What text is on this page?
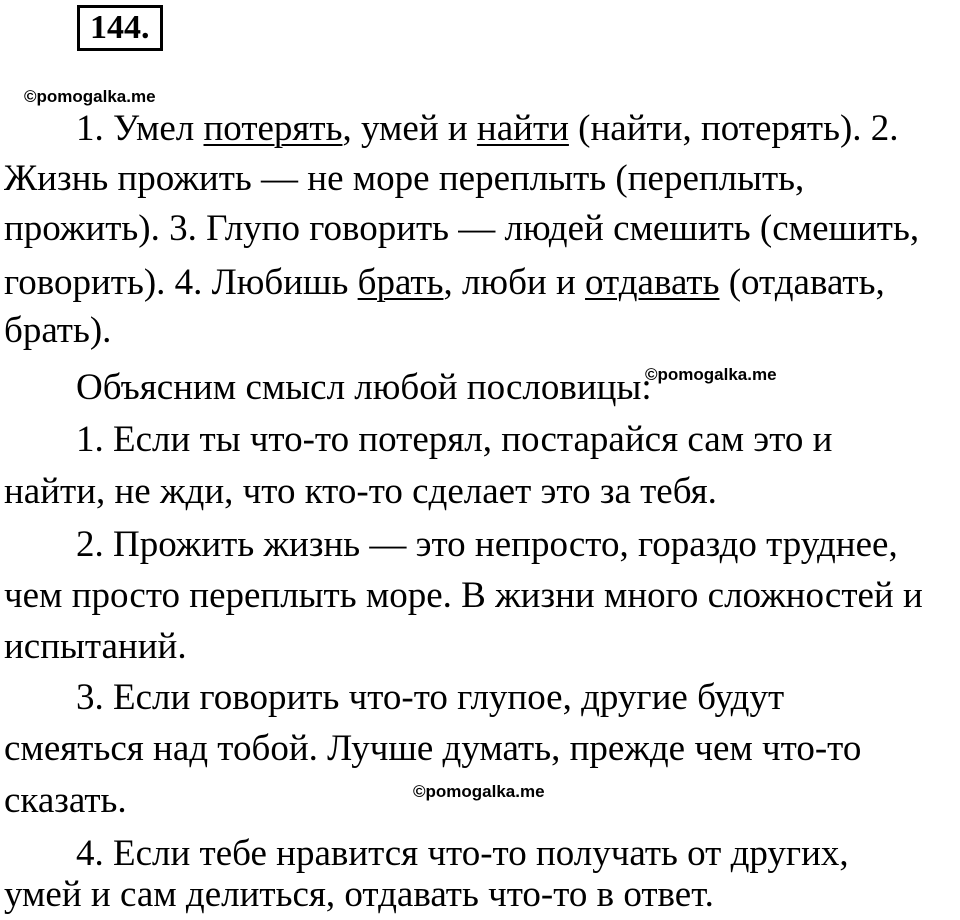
144.
©pomogalka.me
©pomogalka.me
©pomogalka.me
1. Умел потерять, умей и найти (найти, потерять). 2.
Жизнь прожить — не море переплыть (переплыть,
прожить). 3. Глупо говорить — людей смешить (смешить,
говорить). 4. Любишь брать, люби и отдавать (отдавать,
брать).
Объясним смысл любой пословицы:
1. Если ты что-то потерял, постарайся сам это и
найти, не жди, что кто-то сделает это за тебя.
2. Прожить жизнь — это непросто, гораздо труднее,
чем просто переплыть море. В жизни много сложностей и
испытаний.
3. Если говорить что-то глупое, другие будут
смеяться над тобой. Лучше думать, прежде чем что-то
сказать.
4. Если тебе нравится что-то получать от других,
умей и сам делиться, отдавать что-то в ответ.
